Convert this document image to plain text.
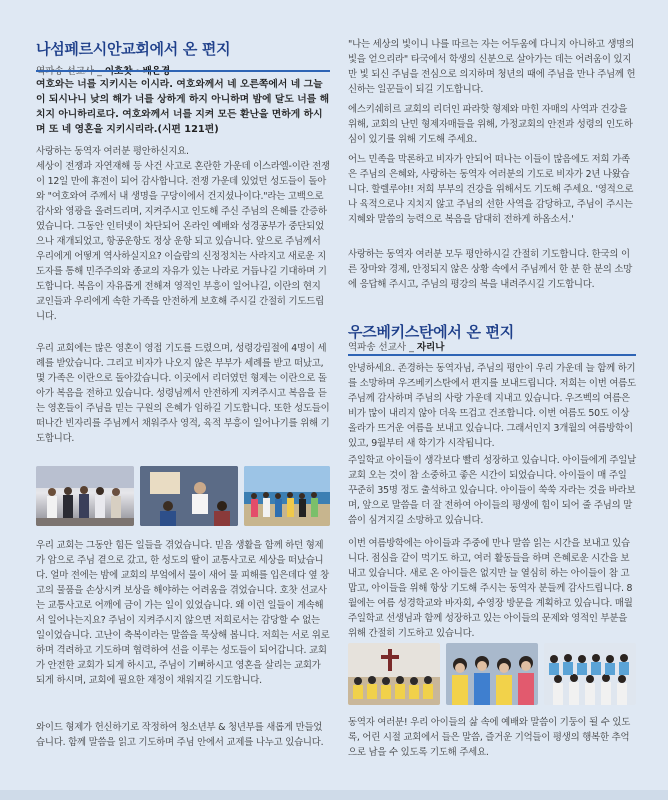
나섬페르시안교회에서 온 편지
여호와는 너를 지키시는 이시라. 여호와께서 네 오른쪽에서 네 그늘이 되시나니 낮의 해가 너를 상하게 하지 아니하며 밤에 달도 너를 해치지 아니하리로다. 여호와께서 너를 지켜 모든 환난을 면하게 하시며 또 네 영혼을 지키시리라.(시편 121편)

사랑하는 동역자 여러분 평안하신지요.

세상이 전쟁과 자연재해 등 사건 사고로 혼란한 가운데 이스라엘-이란 전쟁이 12일 만에 휴전이 되어 감사합니다. 전쟁 가운데 있었던 성도들이 돌아와 "여호와여 주께서 내 생명을 구당이에서 건지셨나이다."라는 고백으로 감사와 영광을 올려드리며, 지켜주시고 인도해 주신 주님의 은혜를 간증하였습니다. 그동안 인터넷이 차단되어 온라인 예배와 성경공부가 중단되었으나 재개되었고, 항공운항도 정상 운항 되고 있습니다. 앞으로 주님께서 우리에게 어떻게 역사하실지요? 이슬람의 신정정치는 사라지고 새로운 지도자를 통해 민주주의와 종교의 자유가 있는 나라로 거듭나길 기대하며 기도합니다. 복음이 자유롭게 전해져 영적인 부흥이 일어나길, 이란의 현지 교인들과 우리에게 속한 가족을 안전하게 보호해 주시길 간절히 기도드립니다.

우리 교회에는 많은 영혼이 영접 기도를 드렸으며, 성령강림절에 4명이 세례를 받았습니다. 그리고 비자가 나오지 않은 부부가 세례를 받고 떠났고, 몇 가족은 이란으로 돌아갔습니다. 이곳에서 리더였던 형제는 이란으로 돌아가 복음을 전하고 있습니다. 성령님께서 안전하게 지켜주시고 복음을 듣는 영혼들이 주님을 믿는 구원의 은혜가 임하길 기도합니다. 또한 성도들이 떠나간 빈자리를 주님께서 채워주사 영적, 육적 부흥이 일어나기를 위해 기도합니다.

우리 교회는 그동안 힘든 일들을 겪었습니다. 믿음 생활을 함께 하던 형제가 암으로 주님 곁으로 갔고, 한 성도의 딸이 교통사고로 세상을 떠났습니다. 얼마 전에는 밤에 교회의 부엌에서 물이 새어 물 피해를 입은데다 옆 창고의 물품을 손상시켜 보상을 해야하는 어려움을 겪었습니다. 호찻 선교사는 교통사고로 어깨에 금이 가는 일이 있었습니다. 왜 이런 일들이 계속해서 일어나는지요? 주님이 지켜주시지 않으면 저희로서는 감당할 수 없는 일이었습니다. 고난이 축복이라는 말씀을 묵상해 봅니다. 저희는 서로 위로하며 격려하고 기도하며 협력하여 선을 이루는 성도들이 되어갑니다. 교회가 안전한 교회가 되게 하시고, 주님이 기뻐하시고 영혼을 살리는 교회가 되게 하시며, 교회에 필요한 재정이 채워지길 기도합니다.

와이드 형제가 헌신하기로 작정하여 청소년부 & 청년부를 새롭게 만들었습니다. 함께 말씀을 읽고 기도하며 주님 안에서 교제를 나누고 있습니다.

"나는 세상의 빛이니 나를 따르는 자는 어두움에 다니지 아니하고 생명의 빛을 얻으리라" 타국에서 학생의 신분으로 살아가는 데는 어려움이 있지만 빛 되신 주님을 전심으로 의지하며 청년의 때에 주님을 만나 주님께 헌신하는 일꾼들이 되길 기도합니다.

에스키쉐히르 교회의 리더인 파라핫 형제와 마힌 자매의 사역과 건강을 위해, 교회의 난민 형제자매들을 위해, 가정교회의 안전과 성령의 인도하심이 있기를 위해 기도해 주세요.

어느 민족을 막론하고 비자가 안되어 떠나는 이들이 많음에도 저희 가족은 주님의 은혜와, 사랑하는 동역자 여러분의 기도로 비자가 2년 나왔습니다. 할렐루야!! 저희 부부의 건강을 위해서도 기도해 주세요. '영적으로나 육적으로나 지치지 않고 주님의 선한 사역을 감당하고, 주님이 주시는 지혜와 말씀의 능력으로 복음을 담대히 전하게 하옵소서.'

사랑하는 동역자 여러분 모두 평안하시길 간절히 기도합니다. 한국의 이른 장마와 경제, 안정되지 않은 상황 속에서 주님께서 한 분 한 분의 소망에 응답해 주시고, 주님의 평강의 복을 내려주시길 기도합니다.

우즈베키스탄에서 온 편지
역파송 선교사 _ 자리나

안녕하세요. 존경하는 동역자님, 주님의 평안이 우리 가운데 늘 함께 하기를 소망하며 우즈베키스탄에서 편지를 보내드립니다. 저희는 이번 여름도 주님께 감사하며 주님의 사랑 가운데 지내고 있습니다. 우즈벡의 여름은 비가 많이 내리지 않아 더욱 뜨겁고 건조합니다. 이번 여름도 50도 이상 올라가 뜨거운 여름을 보내고 있습니다. 그래서인지 3개월의 여름방학이 있고, 9월부터 새 학기가 시작됩니다.

주일학교 아이들이 생각보다 빨리 성장하고 있습니다. 아이들에게 주일날 교회 오는 것이 참 소중하고 좋은 시간이 되었습니다. 아이들이 매 주일 꾸준히 35명 정도 출석하고 있습니다. 아이들이 쑥쑥 자라는 것을 바라보며, 앞으로 말씀을 더 잘 전하여 아이들의 평생에 힘이 되어 줄 주님의 말씀이 심겨지길 소망하고 있습니다.

이번 여름방학에는 아이들과 주중에 만나 말씀 읽는 시간을 보내고 있습니다. 점심을 같이 먹기도 하고, 여러 활동들을 하며 은혜로운 시간을 보내고 있습니다. 새로 온 아이들은 없지만 늘 열심히 하는 아이들이 참 고맙고, 아이들을 위해 항상 기도해 주시는 동역자 분들께 감사드립니다. 8월에는 여름 성경학교와 바자회, 수영장 방문을 계획하고 있습니다. 매월 주일학교 선생님과 함께 성장하고 있는 아이들의 문제와 영적인 부분을 위해 간절히 기도하고 있습니다.

동역자 여러분! 우리 아이들의 삶 속에 예배와 말씀이 기둥이 될 수 있도록, 어린 시절 교회에서 들은 말씀, 즐거운 기억들이 평생의 행복한 추억으로 남을 수 있도록 기도해 주세요.
